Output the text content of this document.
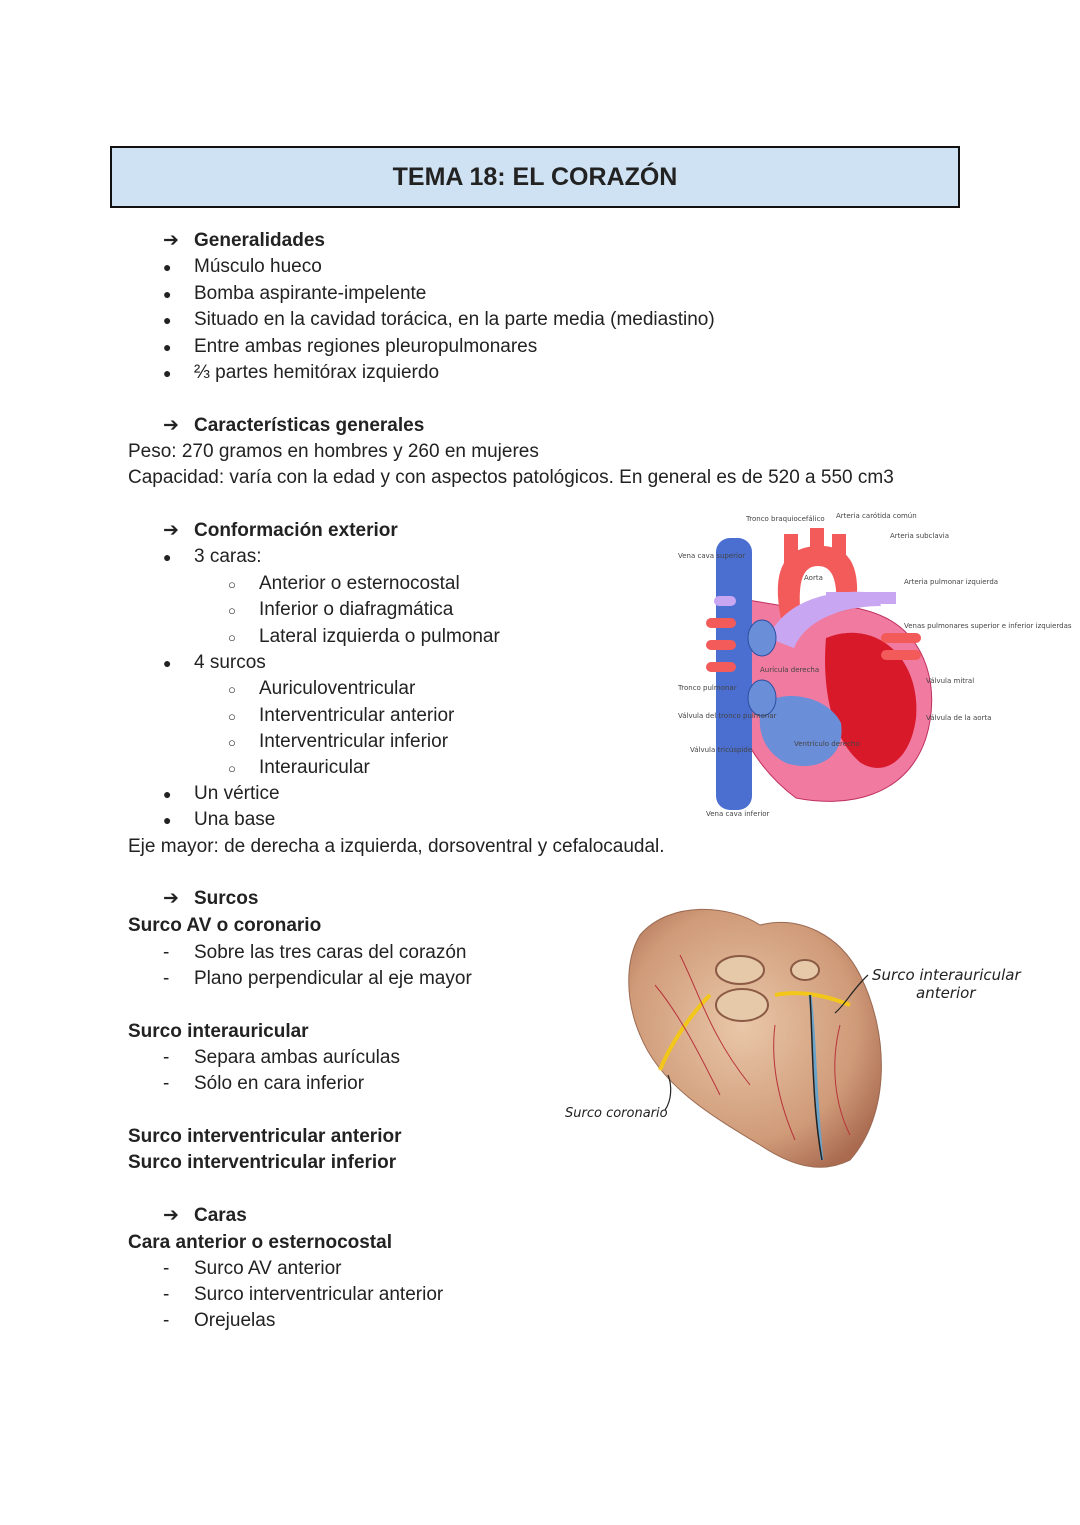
TEMA 18: EL CORAZÓN
➔ Generalidades
● Músculo hueco
● Bomba aspirante-impelente
● Situado en la cavidad torácica, en la parte media (mediastino)
● Entre ambas regiones pleuropulmonares
● ⅔ partes hemitórax izquierdo
➔ Características generales
Peso: 270 gramos en hombres y 260 en mujeres
Capacidad: varía con la edad y con aspectos patológicos. En general es de 520 a 550 cm3
➔ Conformación exterior
● 3 caras:
○ Anterior o esternocostal
○ Inferior o diafragmática
○ Lateral izquierda o pulmonar
● 4 surcos
○ Auriculoventricular
○ Interventricular anterior
○ Interventricular inferior
○ Interauricular
● Un vértice
● Una base
Eje mayor: de derecha a izquierda, dorsoventral y cefalocaudal.
Tronco braquiocefálico Arteria carótida común
Arteria subclavia
Vena cava superior
Aorta	Arteria pulmonar izquierda
Venas pulmonares superior e inferior izquierdas
Aurícula derecha
Tronco pulmonar
Válvula mitral
Válvula del tronco pulmonar	Válvula de la aorta
Válvula tricúspide
Ventrículo derecho
Vena cava inferior
➔ Surcos
Surco AV o coronario
- Sobre las tres caras del corazón
- Plano perpendicular al eje mayor
Surco interauricular
- Separa ambas aurículas
- Sólo en cara inferior
Surco interventricular anterior
Surco interventricular inferior
Surco interauricular
anterior
Surco coronario
➔ Caras
Cara anterior o esternocostal
- Surco AV anterior
- Surco interventricular anterior
- Orejuelas
